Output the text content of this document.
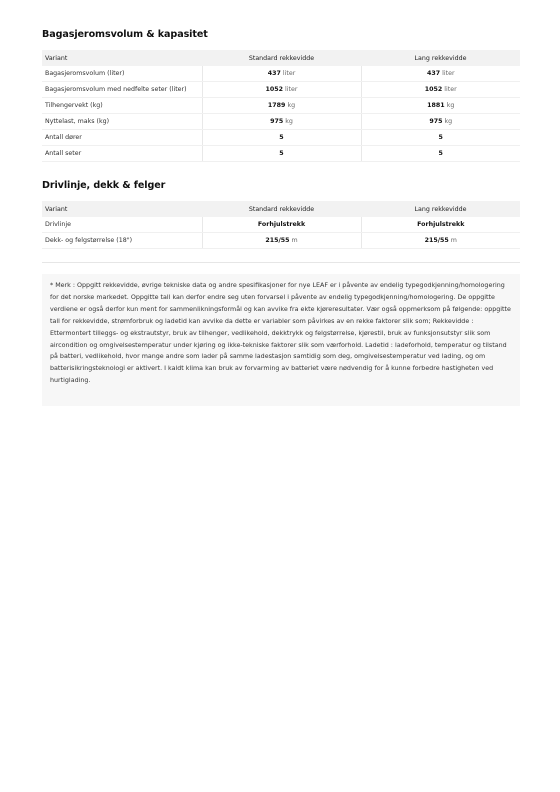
Bagasjeromsvolum & kapasitet
Variant	Standard rekkevidde	Lang rekkevidde
Bagasjeromsvolum (liter)	437 liter	437 liter
Bagasjeromsvolum med nedfelte seter (liter)	1052 liter	1052 liter
Tilhengervekt (kg)	1789 kg	1881 kg
Nyttelast, maks (kg)	975 kg	975 kg
Antall dører	5	5
Antall seter	5	5
Drivlinje, dekk & felger
Variant	Standard rekkevidde	Lang rekkevidde
Drivlinje	Forhjulstrekk	Forhjulstrekk
Dekk- og felgstørrelse (18")	215/55 m	215/55 m
* Merk : Oppgitt rekkevidde, øvrige tekniske data og andre spesifikasjoner for nye LEAF er i påvente av endelig typegodkjenning/homologering for det norske markedet. Oppgitte tall kan derfor endre seg uten forvarsel i påvente av endelig typegodkjenning/homologering. De oppgitte verdiene er også derfor kun ment for sammenlikningsformål og kan avvike fra ekte kjøreresultater. Vær også oppmerksom på følgende: oppgitte tall for rekkevidde, strømforbruk og ladetid kan avvike da dette er variabler som påvirkes av en rekke faktorer slik som; Rekkevidde : Ettermontert tilleggs- og ekstrautstyr, bruk av tilhenger, vedlikehold, dekktrykk og felgstørrelse, kjørestil, bruk av funksjonsutstyr slik som aircondition og omgivelsestemperatur under kjøring og ikke-tekniske faktorer slik som værforhold. Ladetid : ladeforhold, temperatur og tilstand på batteri, vedlikehold, hvor mange andre som lader på samme ladestasjon samtidig som deg, omgivelsestemperatur ved lading, og om batterisikringsteknologi er aktivert. I kaldt klima kan bruk av forvarming av batteriet være nødvendig for å kunne forbedre hastigheten ved hurtiglading.
